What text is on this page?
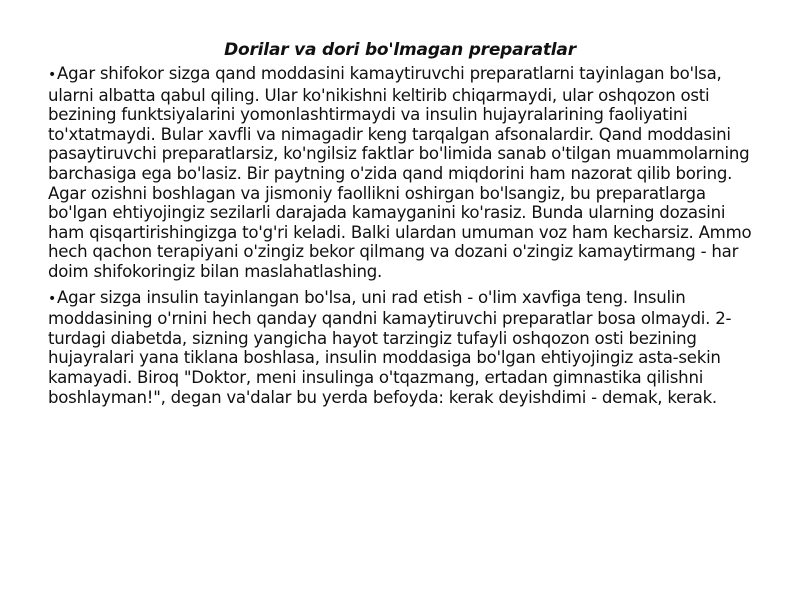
Dorilar va dori bo'lmagan preparatlar
•Agar shifokor sizga qand moddasini kamaytiruvchi preparatlarni tayinlagan bo'lsa, ularni albatta qabul qiling. Ular ko'nikishni keltirib chiqarmaydi, ular oshqozon osti bezining funktsiyalarini yomonlashtirmaydi va insulin hujayralarining faoliyatini to'xtatmaydi. Bular xavfli va nimagadir keng tarqalgan afsonalardir. Qand moddasini pasaytiruvchi preparatlarsiz, ko'ngilsiz faktlar bo'limida sanab o'tilgan muammolarning barchasiga ega bo'lasiz. Bir paytning o'zida qand miqdorini ham nazorat qilib boring. Agar ozishni boshlagan va jismoniy faollikni oshirgan bo'lsangiz, bu preparatlarga bo'lgan ehtiyojingiz sezilarli darajada kamayganini ko'rasiz. Bunda ularning dozasini ham qisqartirishingizga to'g'ri keladi. Balki ulardan umuman voz ham kecharsiz. Ammo hech qachon terapiyani o'zingiz bekor qilmang va dozani o'zingiz kamaytirmang - har doim shifokoringiz bilan maslahatlashing.
•Agar sizga insulin tayinlangan bo'lsa, uni rad etish - o'lim xavfiga teng. Insulin moddasining o'rnini hech qanday qandni kamaytiruvchi preparatlar bosa olmaydi. 2-turdagi diabetda, sizning yangicha hayot tarzingiz tufayli oshqozon osti bezining hujayralari yana tiklana boshlasa, insulin moddasiga bo'lgan ehtiyojingiz asta-sekin kamayadi. Biroq "Doktor, meni insulinga o'tqazmang, ertadan gimnastika qilishni boshlayman!", degan va'dalar bu yerda befoyda: kerak deyishdimi - demak, kerak.
